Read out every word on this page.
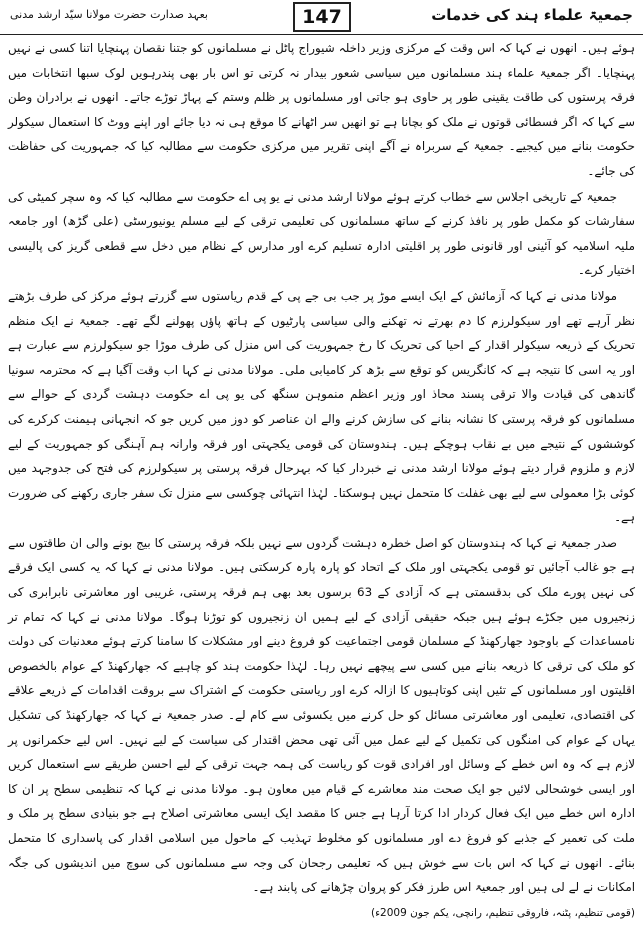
جمعیۃ علماء ہند کی خدمات
147
بعہد صدارت حضرت مولانا سیّد ارشد مدنی

ہوئے ہیں۔ انھوں نے کہا کہ اس وقت کے مرکزی وزیر داخلہ شیوراج پاٹل نے مسلمانوں کو جتنا نقصان پہنچایا اتنا کسی نے نہیں پہنچایا۔ اگر جمعیۃ علماء ہند مسلمانوں میں سیاسی شعور بیدار نہ کرتی تو اس بار بھی پندرہویں لوک سبھا انتخابات میں فرقہ پرستوں کی طاقت یقینی طور پر حاوی ہو جاتی اور مسلمانوں پر ظلم وستم کے پہاڑ توڑے جاتے۔ انھوں نے برادران وطن سے کہا کہ اگر فسطائی قوتوں نے ملک کو بچانا ہے تو انھیں سر اٹھانے کا موقع ہی نہ دیا جائے اور اپنے ووٹ کا استعمال سیکولر حکومت بنانے میں کیجیے۔ جمعیۃ کے سربراہ نے آگے اپنی تقریر میں مرکزی حکومت سے مطالبہ کیا کہ جمہوریت کی حفاظت کی جائے۔

جمعیۃ کے تاریخی اجلاس سے خطاب کرتے ہوئے مولانا ارشد مدنی نے یو پی اے حکومت سے مطالبہ کیا کہ وہ سچر کمیٹی کی سفارشات کو مکمل طور پر نافذ کرنے کے ساتھ مسلمانوں کی تعلیمی ترقی کے لیے مسلم یونیورسٹی (علی گڑھ) اور جامعہ ملیہ اسلامیہ کو آئینی اور قانونی طور پر اقلیتی ادارہ تسلیم کرے اور مدارس کے نظام میں دخل سے قطعی گریز کی پالیسی اختیار کرے۔

مولانا مدنی نے کہا کہ آزمائش کے ایک ایسے موڑ پر جب بی جے پی کے قدم ریاستوں سے گزرتے ہوئے مرکز کی طرف بڑھتے نظر آرہے تھے اور سیکولرزم کا دم بھرتے نہ تھکنے والی سیاسی پارٹیوں کے ہاتھ پاؤں پھولنے لگے تھے۔ جمعیۃ نے ایک منظم تحریک کے ذریعہ سیکولر اقدار کے احیا کی تحریک کا رخ جمہوریت کی اس منزل کی طرف موڑا جو سیکولرزم سے عبارت ہے اور یہ اسی کا نتیجہ ہے کہ کانگریس کو توقع سے بڑھ کر کامیابی ملی۔ مولانا مدنی نے کہا اب وقت آگیا ہے کہ محترمہ سونیا گاندھی کی قیادت والا ترقی پسند محاذ اور وزیر اعظم منموہن سنگھ کی یو پی اے حکومت دہشت گردی کے حوالے سے مسلمانوں کو فرقہ پرستی کا نشانہ بنانے کی سازش کرنے والے ان عناصر کو دوز میں کریں جو کہ انجہانی ہیمنت کرکرے کی کوششوں کے نتیجے میں بے نقاب ہوچکے ہیں۔ ہندوستان کی قومی یکجہتی اور فرقہ وارانہ ہم آہنگی کو جمہوریت کے لیے لازم و ملزوم قرار دیتے ہوئے مولانا ارشد مدنی نے خبردار کیا کہ بہرحال فرقہ پرستی پر سیکولرزم کی فتح کی جدوجہد میں کوئی بڑا معمولی سے لیے بھی غفلت کا متحمل نہیں ہوسکتا۔ لہٰذا انتہائی چوکسی سے منزل تک سفر جاری رکھنے کی ضرورت ہے۔

صدر جمعیۃ نے کہا کہ ہندوستان کو اصل خطرہ دہشت گردوں سے نہیں بلکہ فرقہ پرستی کا بیج بونے والی ان طاقتوں سے ہے جو غالب آجائیں تو قومی یکجہتی اور ملک کے اتحاد کو پارہ پارہ کرسکتی ہیں۔ مولانا مدنی نے کہا کہ یہ کسی ایک فرقے کی نہیں پورے ملک کی بدقسمتی ہے کہ آزادی کے 63 برسوں بعد بھی ہم فرقہ پرستی، غریبی اور معاشرتی نابرابری کی زنجیروں میں جکڑے ہوئے ہیں جبکہ حقیقی آزادی کے لیے ہمیں ان زنجیروں کو توڑنا ہوگا۔ مولانا مدنی نے کہا کہ تمام تر نامساعدات کے باوجود جھارکھنڈ کے مسلمان قومی اجتماعیت کو فروغ دینے اور مشکلات کا سامنا کرتے ہوئے معدنیات کی دولت کو ملک کی ترقی کا ذریعہ بنانے میں کسی سے پیچھے نہیں رہا۔ لہٰذا حکومت ہند کو چاہیے کہ جھارکھنڈ کے عوام بالخصوص اقلیتوں اور مسلمانوں کے تئیں اپنی کوتاہیوں کا ازالہ کرے اور ریاستی حکومت کے اشتراک سے بروقت اقدامات کے ذریعے علاقے کی اقتصادی، تعلیمی اور معاشرتی مسائل کو حل کرنے میں یکسوئی سے کام لے۔ صدر جمعیۃ نے کہا کہ جھارکھنڈ کی تشکیل یہاں کے عوام کی امنگوں کی تکمیل کے لیے عمل میں آئی تھی محض اقتدار کی سیاست کے لیے نہیں۔ اس لیے حکمرانوں پر لازم ہے کہ وہ اس خطے کے وسائل اور افرادی قوت کو ریاست کی ہمہ جہت ترقی کے لیے احسن طریقے سے استعمال کریں اور ایسی خوشحالی لائیں جو ایک صحت مند معاشرے کے قیام میں معاون ہو۔ مولانا مدنی نے کہا کہ تنظیمی سطح پر ان کا ادارہ اس خطے میں ایک فعال کردار ادا کرتا آرہا ہے جس کا مقصد ایک ایسی معاشرتی اصلاح ہے جو بنیادی سطح پر ملک و ملت کی تعمیر کے جذبے کو فروغ دے اور مسلمانوں کو مخلوط تہذیب کے ماحول میں اسلامی اقدار کی پاسداری کا متحمل بنائے۔ انھوں نے کہا کہ اس بات سے خوش ہیں کہ تعلیمی رجحان کی وجہ سے مسلمانوں کی سوچ میں اندیشوں کی جگہ امکانات نے لے لی ہیں اور جمعیۃ اس طرز فکر کو پروان چڑھانے کی پابند ہے۔

(قومی تنظیم، پٹنہ، فاروقی تنظیم، رانچی، یکم جون 2009ء)
